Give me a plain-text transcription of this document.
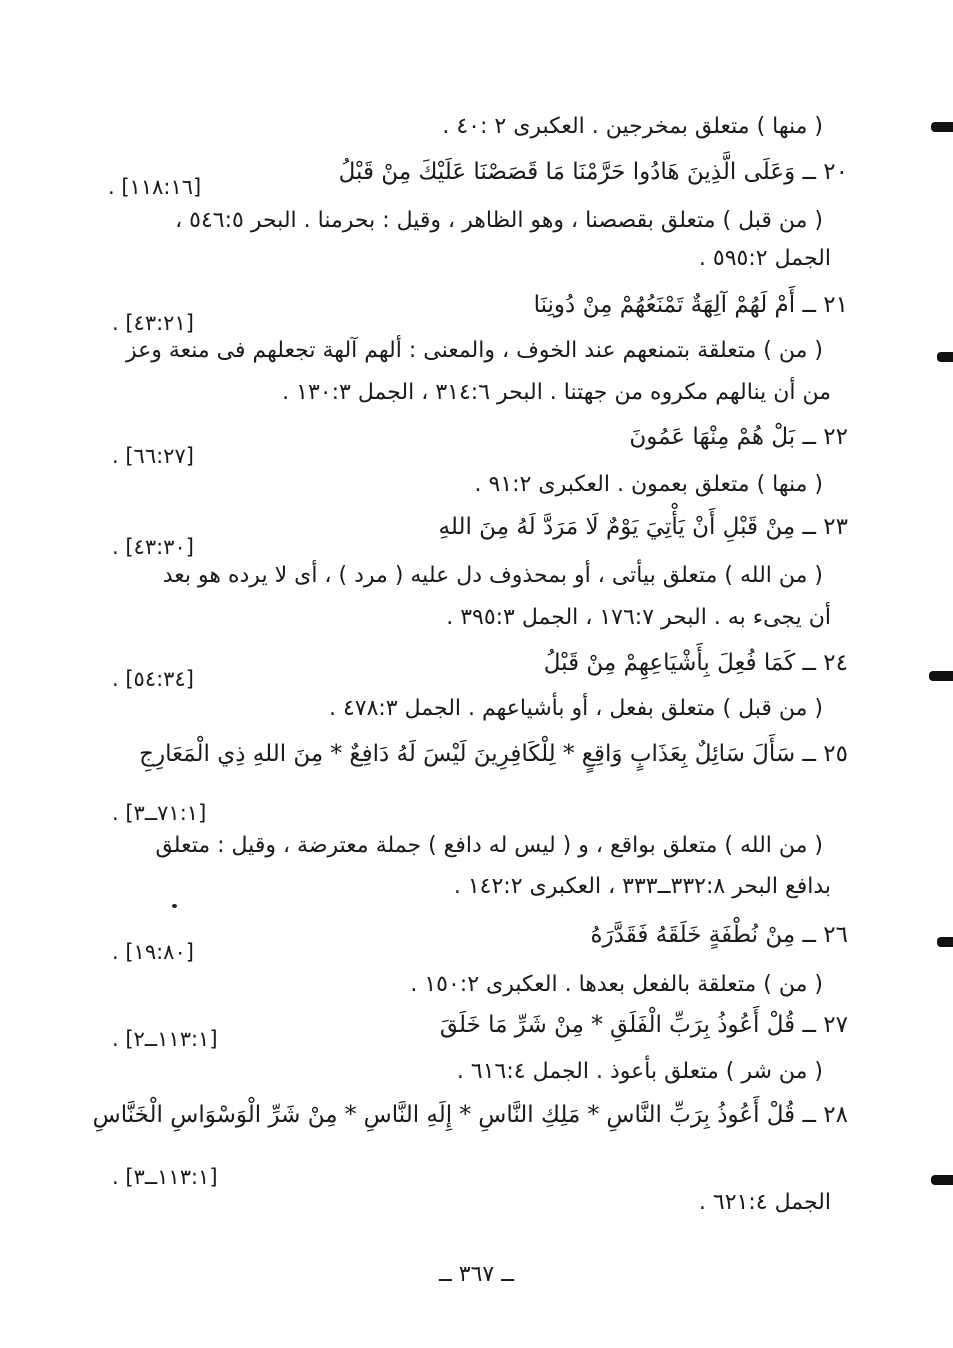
( منها ) متعلق بمخرجين . العكبرى ٢ :٤٠ .
٢٠ ــ وَعَلَى الَّذِينَ هَادُوا حَرَّمْنَا مَا قَصَصْنَا عَلَيْكَ مِنْ قَبْلُ
[١١٨:١٦] .
( من قبل ) متعلق بقصصنا ، وهو الظاهر ، وقيل : بحرمنا . البحر ٥٤٦:٥ ،
الجمل ٥٩٥:٢ .
٢١ ــ أَمْ لَهُمْ آلِهَةٌ تَمْنَعُهُمْ مِنْ دُونِنَا
[٤٣:٢١] .
( من ) متعلقة بتمنعهم عند الخوف ، والمعنى : ألهم آلهة تجعلهم فى منعة وعز
من أن ينالهم مكروه من جهتنا . البحر ٣١٤:٦ ، الجمل ١٣٠:٣ .
٢٢ ــ بَلْ هُمْ مِنْهَا عَمُونَ
[٦٦:٢٧] .
( منها ) متعلق بعمون . العكبرى ٩١:٢ .
٢٣ ــ مِنْ قَبْلِ أَنْ يَأْتِيَ يَوْمٌ لَا مَرَدَّ لَهُ مِنَ اللهِ
[٤٣:٣٠] .
( من الله ) متعلق بيأتى ، أو بمحذوف دل عليه ( مرد ) ، أى لا يرده هو بعد
أن يجىء به . البحر ١٧٦:٧ ، الجمل ٣٩٥:٣ .
٢٤ ــ كَمَا فُعِلَ بِأَشْيَاعِهِمْ مِنْ قَبْلُ
[٥٤:٣٤] .
( من قبل ) متعلق بفعل ، أو بأشياعهم . الجمل ٤٧٨:٣ .
٢٥ ــ سَأَلَ سَائِلٌ بِعَذَابٍ وَاقِعٍ * لِلْكَافِرِينَ لَيْسَ لَهُ دَافِعٌ * مِنَ اللهِ ذِي الْمَعَارِجِ
[٧١:١ــ٣] .
( من الله ) متعلق بواقع ، و ( ليس له دافع ) جملة معترضة ، وقيل : متعلق
بدافع البحر ٣٣٢:٨ــ٣٣٣ ، العكبرى ١٤٢:٢ .
٢٦ ــ مِنْ نُطْفَةٍ خَلَقَهُ فَقَدَّرَهُ
[١٩:٨٠] .
( من ) متعلقة بالفعل بعدها . العكبرى ١٥٠:٢ .
٢٧ ــ قُلْ أَعُوذُ بِرَبِّ الْفَلَقِ * مِنْ شَرِّ مَا خَلَقَ
[١١٣:١ــ٢] .
( من شر ) متعلق بأعوذ . الجمل ٦١٦:٤ .
٢٨ ــ قُلْ أَعُوذُ بِرَبِّ النَّاسِ * مَلِكِ النَّاسِ * إِلَهِ النَّاسِ * مِنْ شَرِّ الْوَسْوَاسِ الْخَنَّاسِ
[١١٣:١ــ٣] .
الجمل ٦٢١:٤ .
ــ ٣٦٧ ــ
